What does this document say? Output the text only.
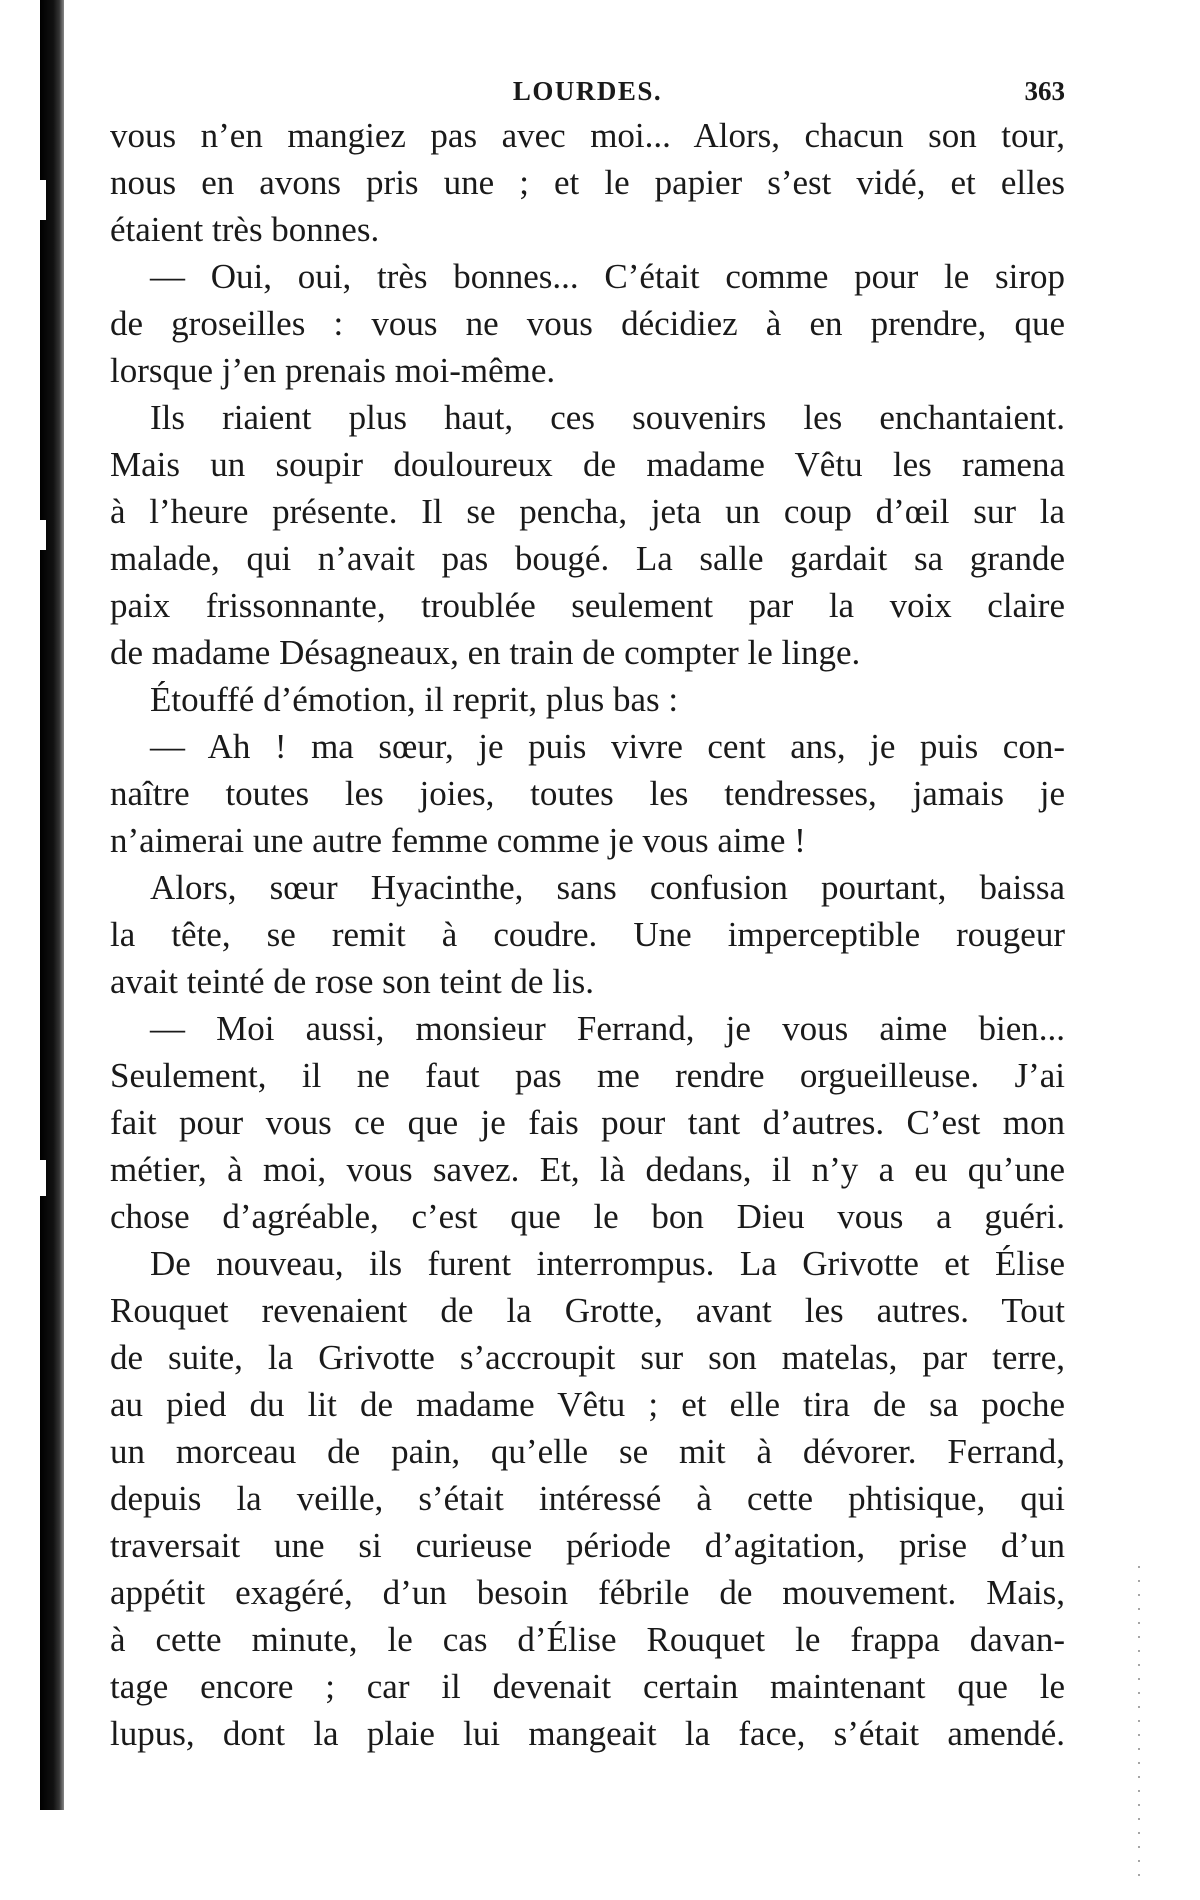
LOURDES.	363
vous n’en mangiez pas avec moi... Alors, chacun son tour,
nous en avons pris une ; et le papier s’est vidé, et elles
étaient très bonnes.
— Oui, oui, très bonnes... C’était comme pour le sirop
de groseilles : vous ne vous décidiez à en prendre, que
lorsque j’en prenais moi-même.
Ils riaient plus haut, ces souvenirs les enchantaient.
Mais un soupir douloureux de madame Vêtu les ramena
à l’heure présente. Il se pencha, jeta un coup d’œil sur la
malade, qui n’avait pas bougé. La salle gardait sa grande
paix frissonnante, troublée seulement par la voix claire
de madame Désagneaux, en train de compter le linge.
Étouffé d’émotion, il reprit, plus bas :
— Ah ! ma sœur, je puis vivre cent ans, je puis con-
naître toutes les joies, toutes les tendresses, jamais je
n’aimerai une autre femme comme je vous aime !
Alors, sœur Hyacinthe, sans confusion pourtant, baissa
la tête, se remit à coudre. Une imperceptible rougeur
avait teinté de rose son teint de lis.
— Moi aussi, monsieur Ferrand, je vous aime bien...
Seulement, il ne faut pas me rendre orgueilleuse. J’ai
fait pour vous ce que je fais pour tant d’autres. C’est mon
métier, à moi, vous savez. Et, là dedans, il n’y a eu qu’une
chose d’agréable, c’est que le bon Dieu vous a guéri.
De nouveau, ils furent interrompus. La Grivotte et Élise
Rouquet revenaient de la Grotte, avant les autres. Tout
de suite, la Grivotte s’accroupit sur son matelas, par terre,
au pied du lit de madame Vêtu ; et elle tira de sa poche
un morceau de pain, qu’elle se mit à dévorer. Ferrand,
depuis la veille, s’était intéressé à cette phtisique, qui
traversait une si curieuse période d’agitation, prise d’un
appétit exagéré, d’un besoin fébrile de mouvement. Mais,
à cette minute, le cas d’Élise Rouquet le frappa davan-
tage encore ; car il devenait certain maintenant que le
lupus, dont la plaie lui mangeait la face, s’était amendé.
